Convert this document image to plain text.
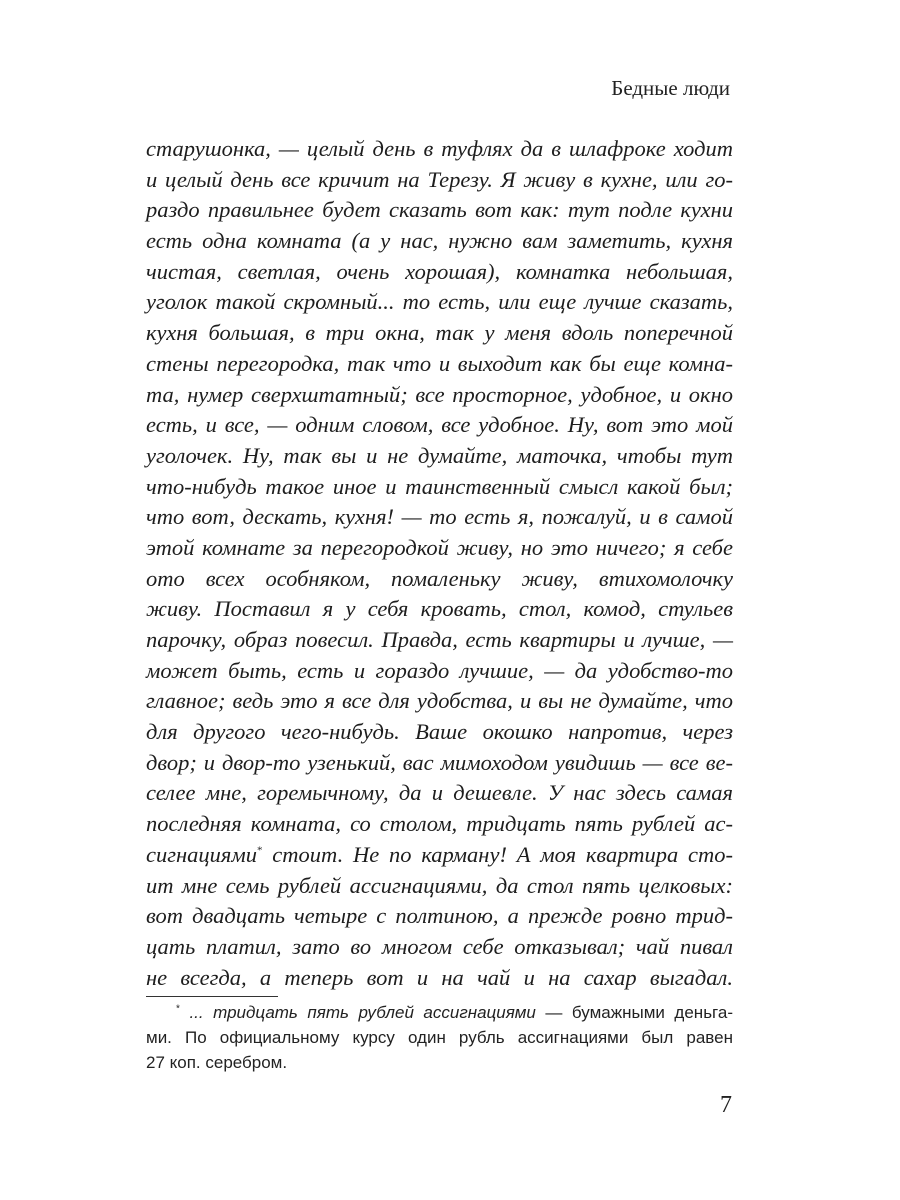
Бедные люди
старушонка, — целый день в туфлях да в шлафроке ходит
и целый день все кричит на Терезу. Я живу в кухне, или го-
раздо правильнее будет сказать вот как: тут подле кухни
есть одна комната (а у нас, нужно вам заметить, кухня
чистая, светлая, очень хорошая), комнатка небольшая,
уголок такой скромный... то есть, или еще лучше сказать,
кухня большая, в три окна, так у меня вдоль поперечной
стены перегородка, так что и выходит как бы еще комна-
та, нумер сверхштатный; все просторное, удобное, и окно
есть, и все, — одним словом, все удобное. Ну, вот это мой
уголочек. Ну, так вы и не думайте, маточка, чтобы тут
что-нибудь такое иное и таинственный смысл какой был;
что вот, дескать, кухня! — то есть я, пожалуй, и в самой
этой комнате за перегородкой живу, но это ничего; я себе
ото всех особняком, помаленьку живу, втихомолочку
живу. Поставил я у себя кровать, стол, комод, стульев
парочку, образ повесил. Правда, есть квартиры и лучше, —
может быть, есть и гораздо лучшие, — да удобство-то
главное; ведь это я все для удобства, и вы не думайте, что
для другого чего-нибудь. Ваше окошко напротив, через
двор; и двор-то узенький, вас мимоходом увидишь — все ве-
селее мне, горемычному, да и дешевле. У нас здесь самая
последняя комната, со столом, тридцать пять рублей ас-
сигнациями* стоит. Не по карману! А моя квартира сто-
ит мне семь рублей ассигнациями, да стол пять целковых:
вот двадцать четыре с полтиною, а прежде ровно трид-
цать платил, зато во многом себе отказывал; чай пивал
не всегда, а теперь вот и на чай и на сахар выгадал.
* ... тридцать пять рублей ассигнациями — бумажными деньга-
ми. По официальному курсу один рубль ассигнациями был равен
27 коп. серебром.
7
